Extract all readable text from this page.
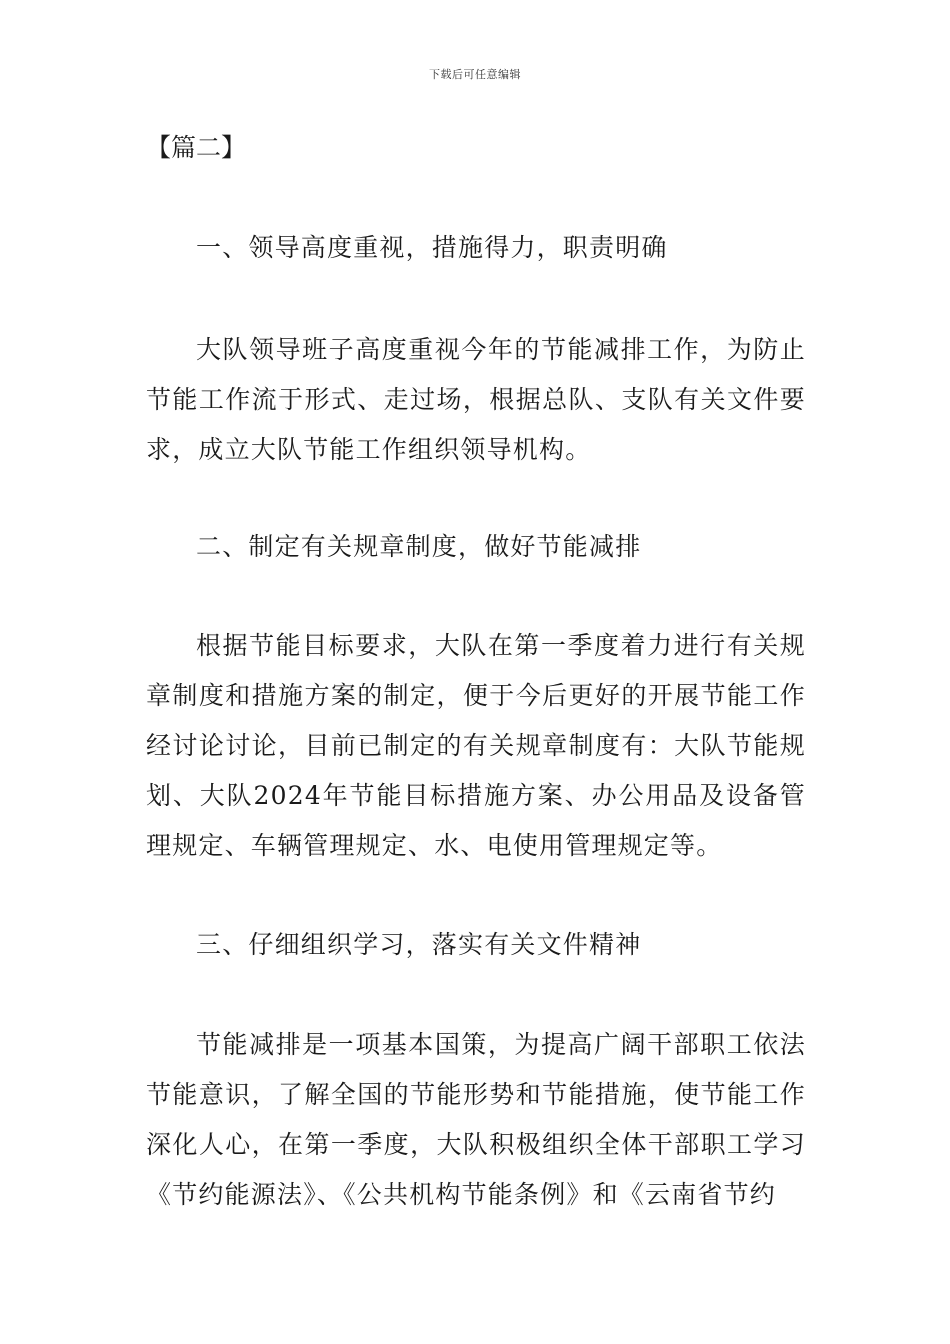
下载后可任意编辑
【篇二】
一、领导高度重视，措施得力，职责明确
大队领导班子高度重视今年的节能减排工作，为防止节能工作流于形式、走过场，根据总队、支队有关文件要求，成立大队节能工作组织领导机构。
二、制定有关规章制度，做好节能减排
根据节能目标要求，大队在第一季度着力进行有关规章制度和措施方案的制定，便于今后更好的开展节能工作经讨论讨论，目前已制定的有关规章制度有：大队节能规划、大队2024年节能目标措施方案、办公用品及设备管理规定、车辆管理规定、水、电使用管理规定等。
三、仔细组织学习，落实有关文件精神
节能减排是一项基本国策，为提高广阔干部职工依法节能意识，了解全国的节能形势和节能措施，使节能工作深化人心，在第一季度，大队积极组织全体干部职工学习《节约能源法》、《公共机构节能条例》和《云南省节约
